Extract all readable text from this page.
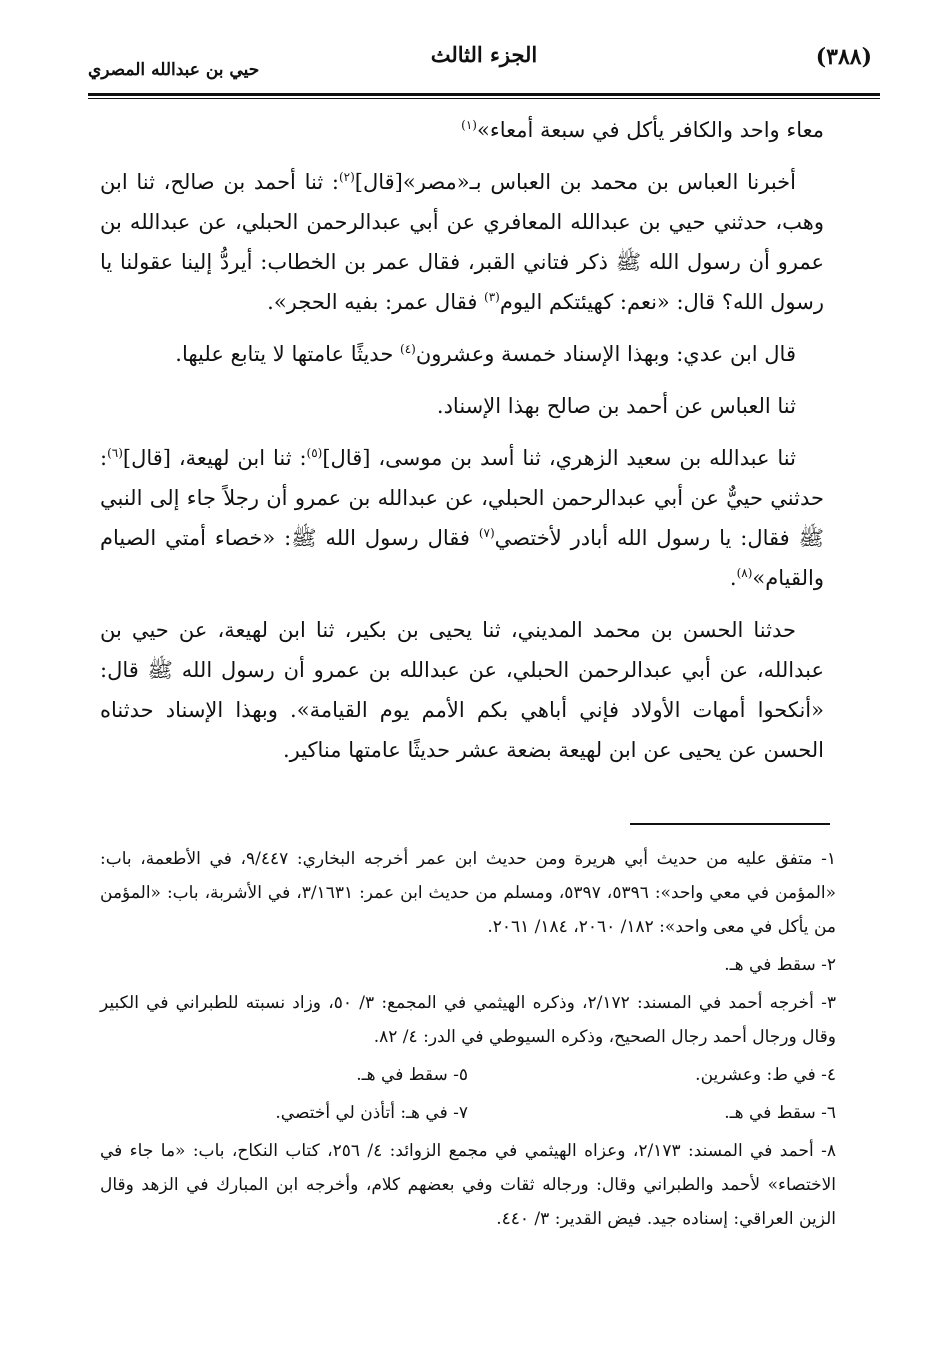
(٣٨٨)
الجزء الثالث
حيي بن عبدالله المصري

معاء واحد والكافر يأكل في سبعة أمعاء»$^{(١)}$

أخبرنا العباس بن محمد بن العباس بـ«مصر»[قال]$^{(٢)}$: ثنا أحمد بن صالح، ثنا ابن وهب، حدثني حيي بن عبدالله المعافري عن أبي عبدالرحمن الحبلي، عن عبدالله بن عمرو أن رسول الله ﷺ ذكر فتاني القبر، فقال عمر بن الخطاب: أيردُّ إلينا عقولنا يا رسول الله؟ قال: «نعم: كهيئتكم اليوم$^{(٣)}$ فقال عمر: بفيه الحجر».

قال ابن عدي: وبهذا الإسناد خمسة وعشرون$^{(٤)}$ حديثًا عامتها لا يتابع عليها.

ثنا العباس عن أحمد بن صالح بهذا الإسناد.

ثنا عبدالله بن سعيد الزهري، ثنا أسد بن موسى، [قال]$^{(٥)}$: ثنا ابن لهيعة، [قال]$^{(٦)}$: حدثني حييٌّ عن أبي عبدالرحمن الحبلي، عن عبدالله بن عمرو أن رجلاً جاء إلى النبي ﷺ فقال: يا رسول الله أبادر لأختصي$^{(٧)}$ فقال رسول الله ﷺ: «خصاء أمتي الصيام والقيام»$^{(٨)}$.

حدثنا الحسن بن محمد المديني، ثنا يحيى بن بكير، ثنا ابن لهيعة، عن حيي بن عبدالله، عن أبي عبدالرحمن الحبلي، عن عبدالله بن عمرو أن رسول الله ﷺ قال: «أنكحوا أمهات الأولاد فإني أباهي بكم الأمم يوم القيامة». وبهذا الإسناد حدثناه الحسن عن يحيى عن ابن لهيعة بضعة عشر حديثًا عامتها مناكير.

١- متفق عليه من حديث أبي هريرة ومن حديث ابن عمر أخرجه البخاري: ٩/٤٤٧، في الأطعمة، باب: «المؤمن في معي واحد»: ٥٣٩٦، ٥٣٩٧، ومسلم من حديث ابن عمر: ٣/١٦٣١، في الأشربة، باب: «المؤمن من يأكل في معى واحد»: ١٨٢/ ٢٠٦٠، ١٨٤/ ٢٠٦١.
٢- سقط في هـ.
٣- أخرجه أحمد في المسند: ٢/١٧٢، وذكره الهيثمي في المجمع: ٣/ ٥٠، وزاد نسبته للطبراني في الكبير وقال ورجال أحمد رجال الصحيح، وذكره السيوطي في الدر: ٤/ ٨٢.
٤- في ط: وعشرين.
٥- سقط في هـ.
٦- سقط في هـ.
٧- في هـ: أتأذن لي أختصي.
٨- أحمد في المسند: ٢/١٧٣، وعزاه الهيثمي في مجمع الزوائد: ٤/ ٢٥٦، كتاب النكاح، باب: «ما جاء في الاختصاء» لأحمد والطبراني وقال: ورجاله ثقات وفي بعضهم كلام، وأخرجه ابن المبارك في الزهد وقال الزين العراقي: إسناده جيد. فيض القدير: ٣/ ٤٤٠.
